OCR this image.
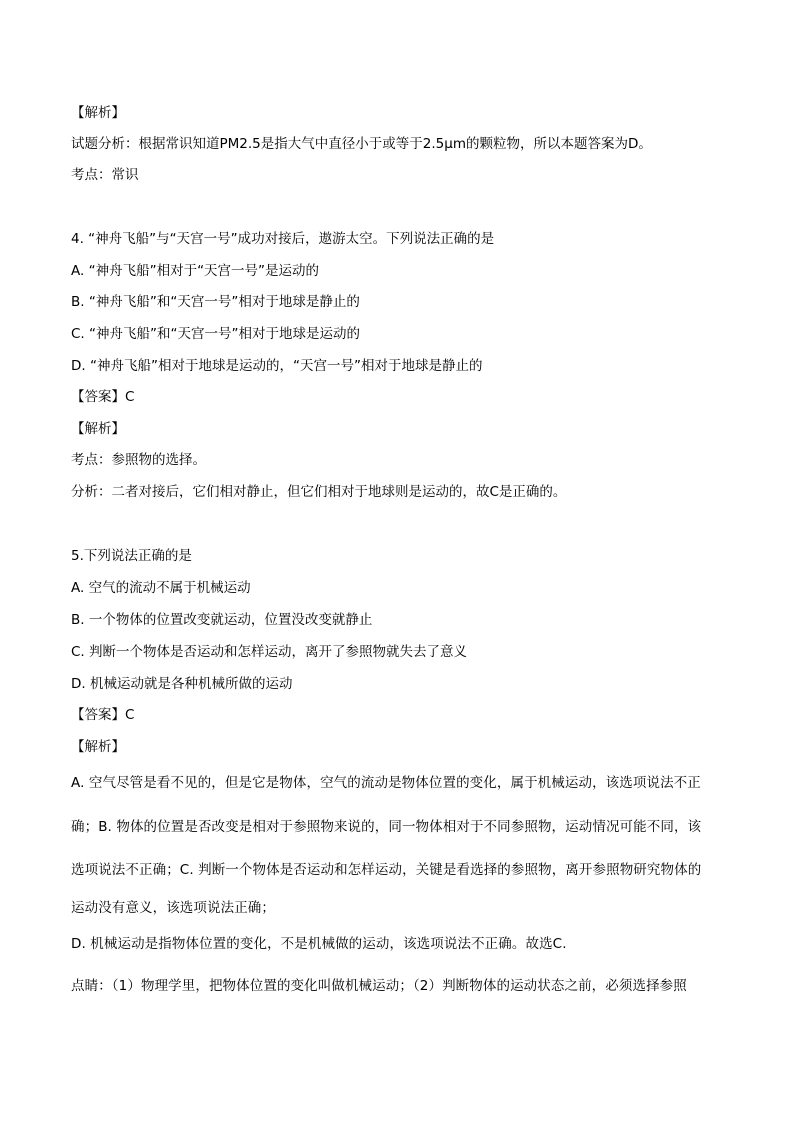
【解析】
试题分析：根据常识知道PM2.5是指大气中直径小于或等于2.5μm的颗粒物，所以本题答案为D。
考点：常识
4. “神舟飞船”与“天宫一号”成功对接后，遨游太空。下列说法正确的是
A. “神舟飞船”相对于“天宫一号”是运动的
B. “神舟飞船”和“天宫一号”相对于地球是静止的
C. “神舟飞船”和“天宫一号”相对于地球是运动的
D. “神舟飞船”相对于地球是运动的，“天宫一号”相对于地球是静止的
【答案】C
【解析】
考点：参照物的选择。
分析：二者对接后，它们相对静止，但它们相对于地球则是运动的，故C是正确的。
5.下列说法正确的是
A. 空气的流动不属于机械运动
B. 一个物体的位置改变就运动，位置没改变就静止
C. 判断一个物体是否运动和怎样运动，离开了参照物就失去了意义
D. 机械运动就是各种机械所做的运动
【答案】C
【解析】
A. 空气尽管是看不见的，但是它是物体，空气的流动是物体位置的变化，属于机械运动，该选项说法不正
确；B. 物体的位置是否改变是相对于参照物来说的，同一物体相对于不同参照物，运动情况可能不同，该
选项说法不正确；C. 判断一个物体是否运动和怎样运动，关键是看选择的参照物，离开参照物研究物体的
运动没有意义，该选项说法正确；
D. 机械运动是指物体位置的变化，不是机械做的运动，该选项说法不正确。故选C.
点睛：（1）物理学里，把物体位置的变化叫做机械运动；（2）判断物体的运动状态之前，必须选择参照
